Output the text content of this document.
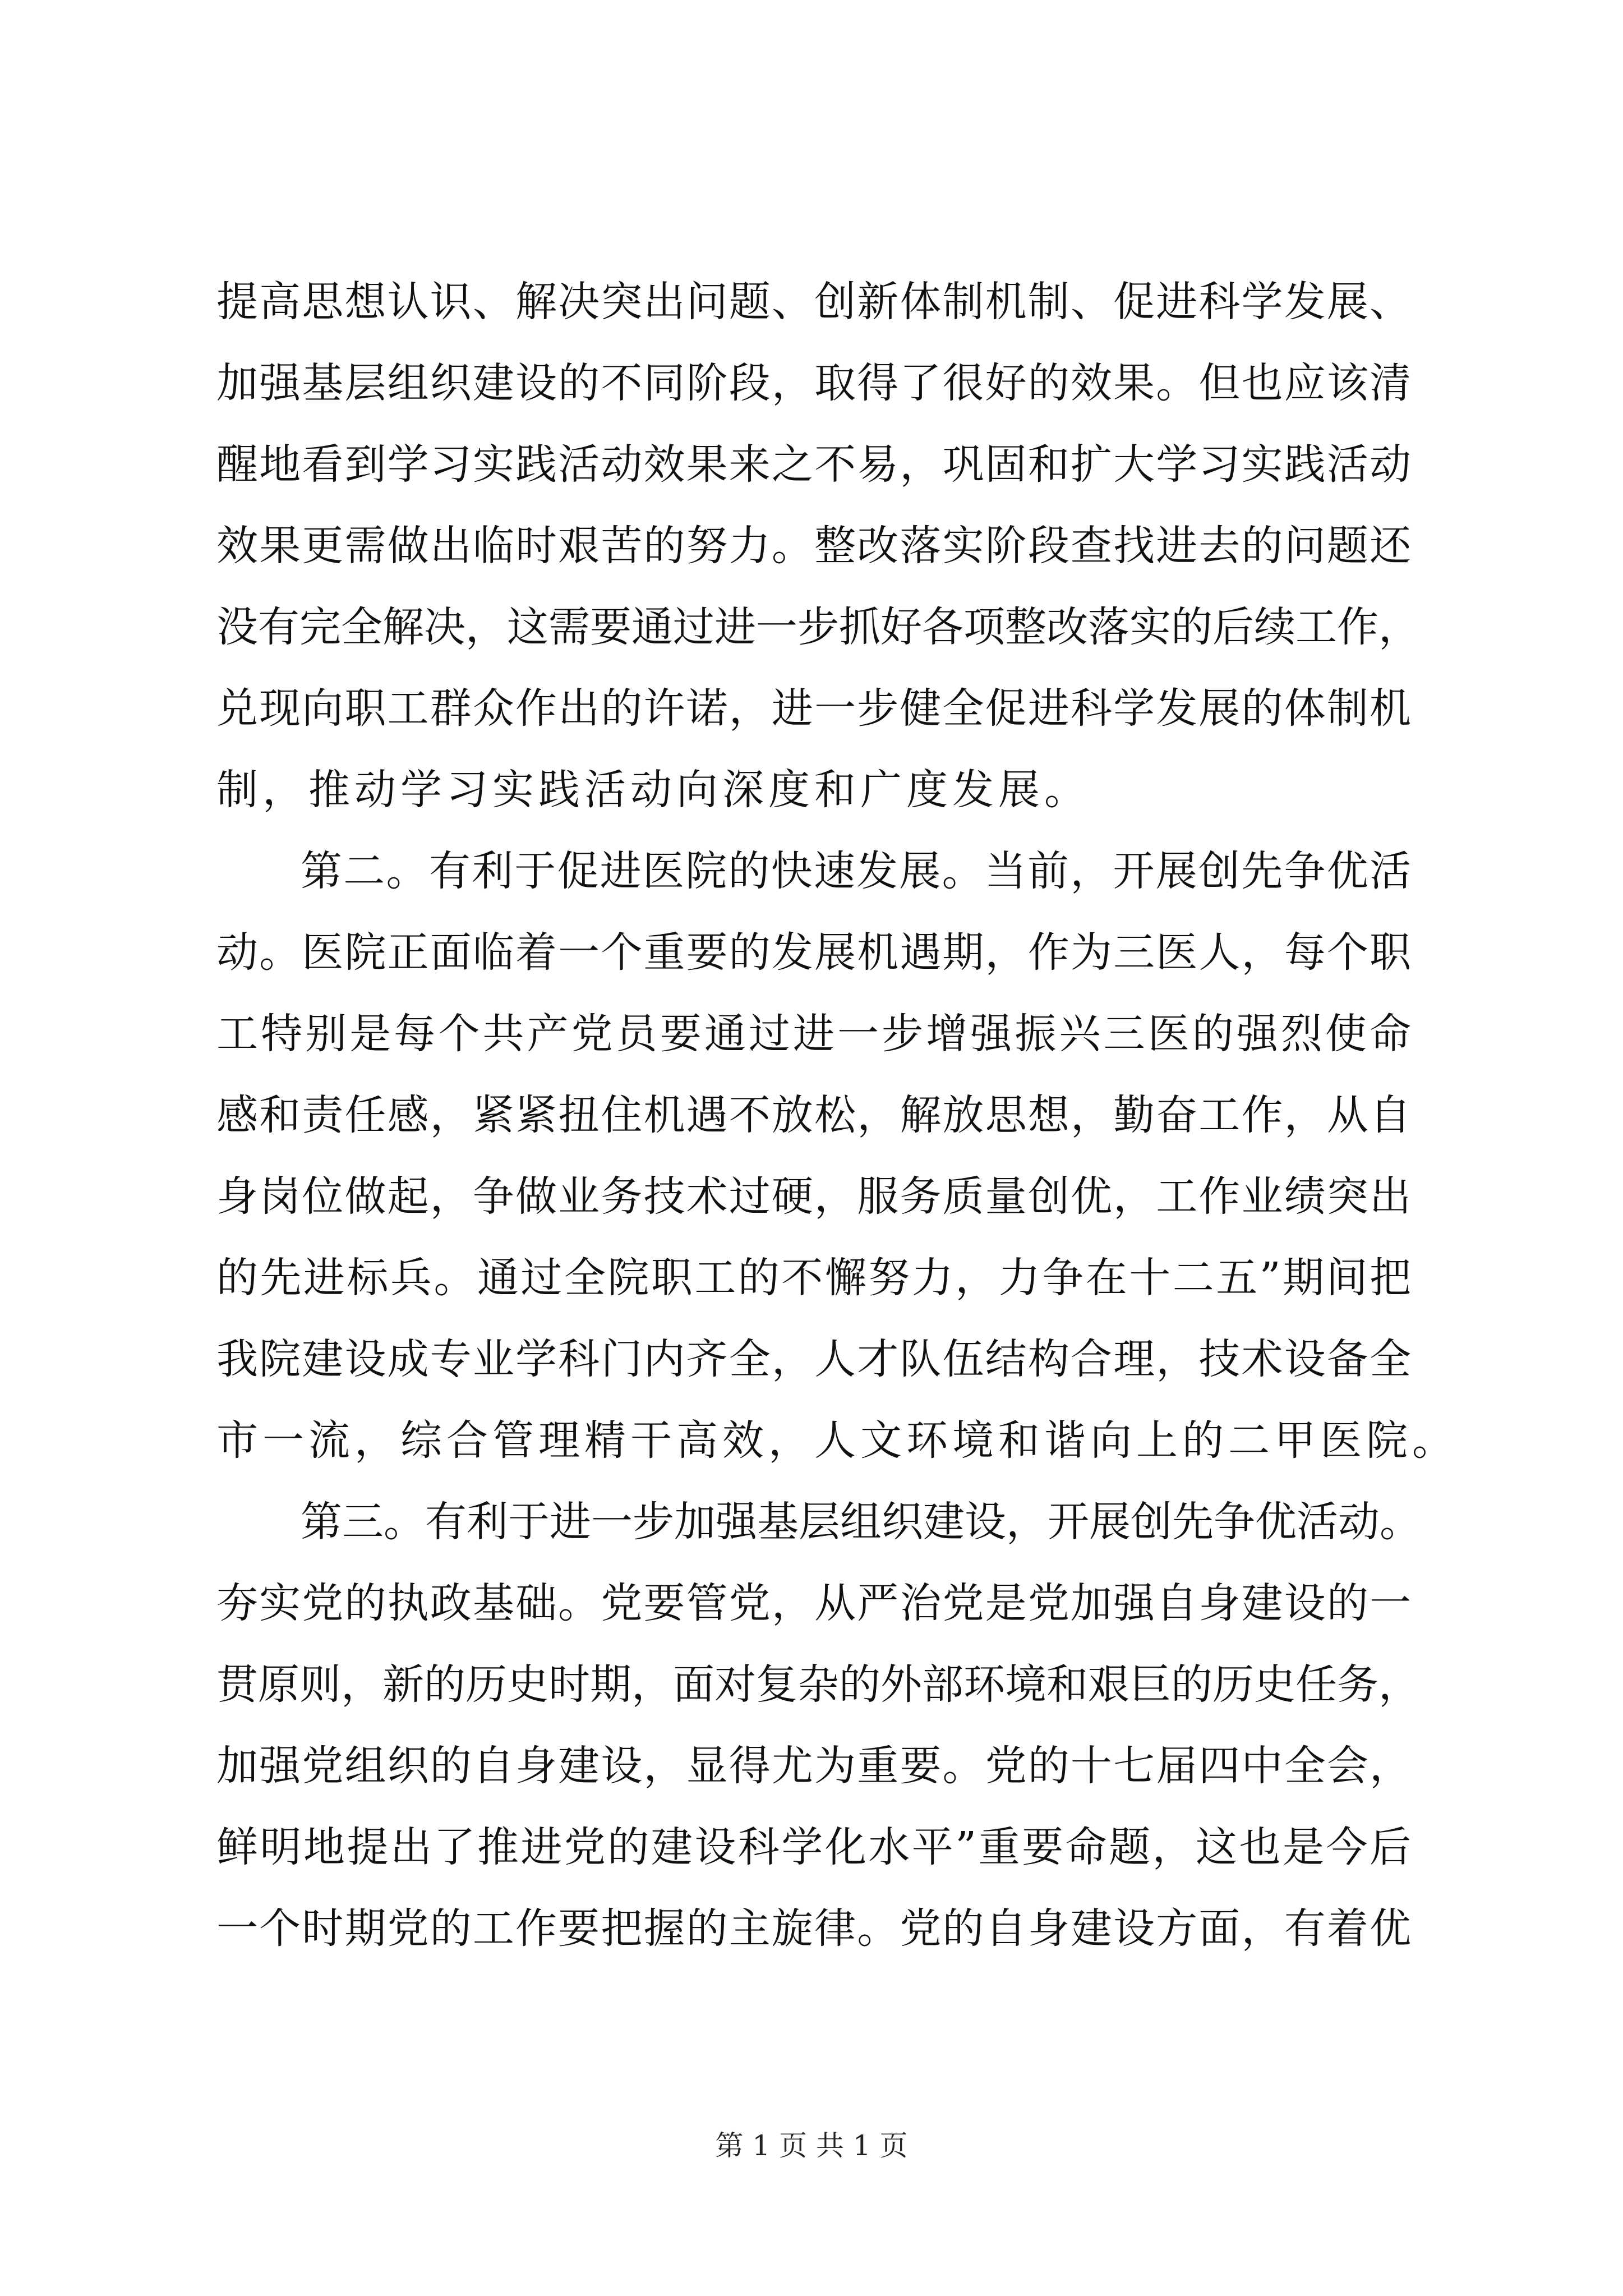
提高思想认识、解决突出问题、创新体制机制、促进科学发展、
加强基层组织建设的不同阶段，取得了很好的效果。但也应该清
醒地看到学习实践活动效果来之不易，巩固和扩大学习实践活动
效果更需做出临时艰苦的努力。整改落实阶段查找进去的问题还
没有完全解决，这需要通过进一步抓好各项整改落实的后续工作，
兑现向职工群众作出的许诺，进一步健全促进科学发展的体制机
制，推动学习实践活动向深度和广度发展。
第二。有利于促进医院的快速发展。当前，开展创先争优活
动。医院正面临着一个重要的发展机遇期，作为三医人，每个职
工特别是每个共产党员要通过进一步增强振兴三医的强烈使命
感和责任感，紧紧扭住机遇不放松，解放思想，勤奋工作，从自
身岗位做起，争做业务技术过硬，服务质量创优，工作业绩突出
的先进标兵。通过全院职工的不懈努力，力争在十二五”期间把
我院建设成专业学科门内齐全，人才队伍结构合理，技术设备全
市一流，综合管理精干高效，人文环境和谐向上的二甲医院。
第三。有利于进一步加强基层组织建设，开展创先争优活动。
夯实党的执政基础。党要管党，从严治党是党加强自身建设的一
贯原则，新的历史时期，面对复杂的外部环境和艰巨的历史任务，
加强党组织的自身建设，显得尤为重要。党的十七届四中全会，
鲜明地提出了推进党的建设科学化水平”重要命题，这也是今后
一个时期党的工作要把握的主旋律。党的自身建设方面，有着优
第 1 页 共 1 页
